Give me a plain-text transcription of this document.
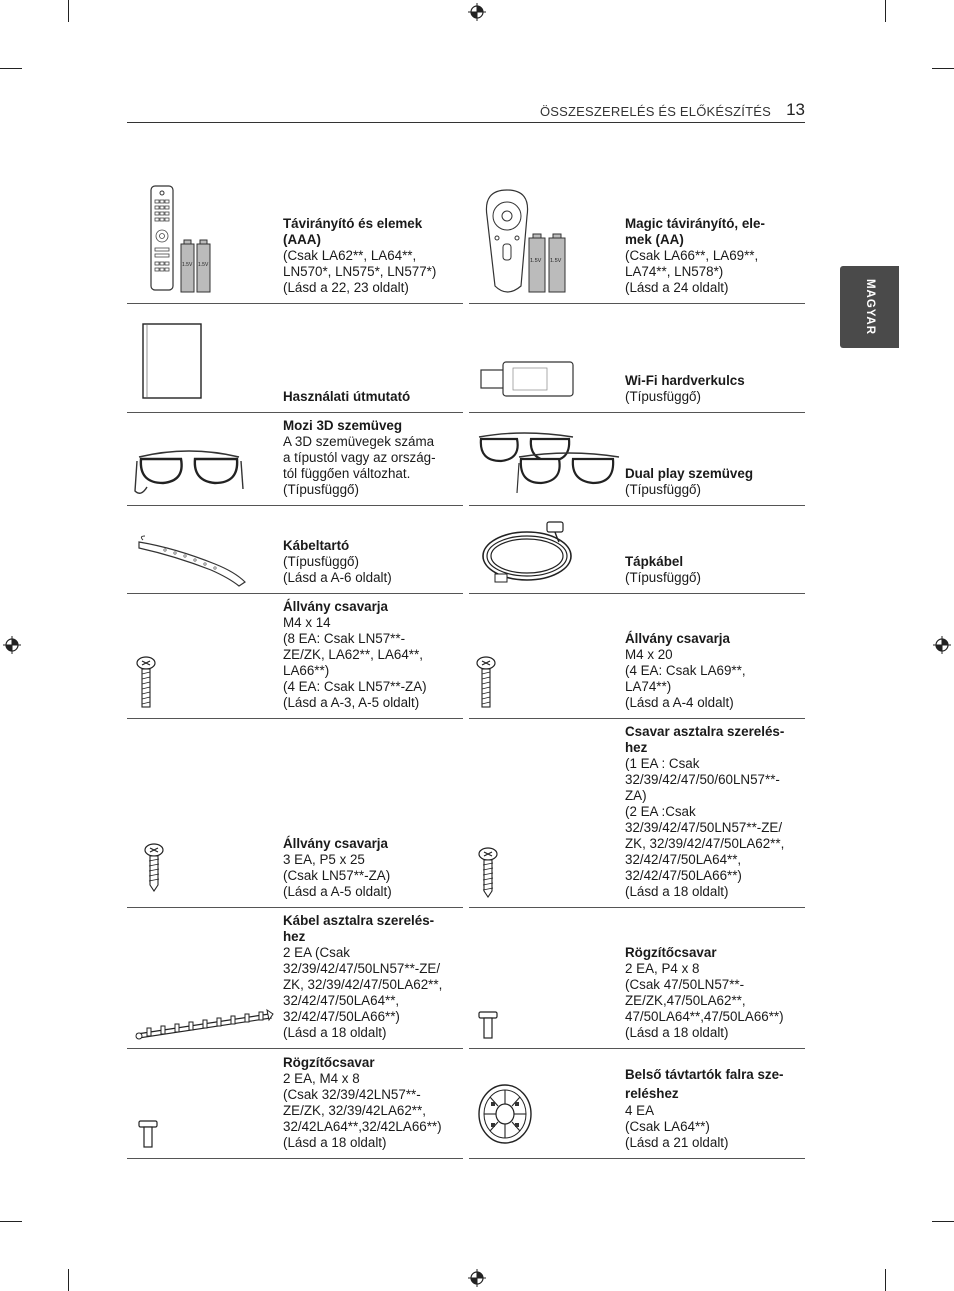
ÖSSZESZERELÉS ÉS ELŐKÉSZÍTÉS 13
MAGYAR
1.5V 1.5V
Távirányító és elemek
(AAA)
(Csak LA62**, LA64**,
LN570*, LN575*, LN577*)
(Lásd a 22, 23 oldalt)
1.5V 1.5V
Magic távirányító, ele-
mek (AA)
(Csak LA66**, LA69**,
LA74**, LN578*)
(Lásd a 24 oldalt)
Használati útmutató
Wi-Fi hardverkulcs
(Típusfüggő)
Mozi 3D szemüveg
A 3D szemüvegek száma
a típustól vagy az ország-
tól függően változhat.
(Típusfüggő)
Dual play szemüveg
(Típusfüggő)
Kábeltartó
(Típusfüggő)
(Lásd a A-6 oldalt)
Tápkábel
(Típusfüggő)
Állvány csavarja
M4 x 14
(8 EA: Csak LN57**-
ZE/ZK, LA62**, LA64**,
LA66**)
(4 EA: Csak LN57**-ZA)
(Lásd a A-3, A-5 oldalt)
Állvány csavarja
M4 x 20
(4 EA: Csak LA69**,
LA74**)
(Lásd a A-4 oldalt)
Állvány csavarja
3 EA, P5 x 25
(Csak LN57**-ZA)
(Lásd a A-5 oldalt)
Csavar asztalra szerelés-
hez
(1 EA : Csak
32/39/42/47/50/60LN57**-
ZA)
(2 EA :Csak
32/39/42/47/50LN57**-ZE/
ZK, 32/39/42/47/50LA62**,
32/42/47/50LA64**,
32/42/47/50LA66**)
(Lásd a 18 oldalt)
Kábel asztalra szerelés-
hez
2 EA (Csak
32/39/42/47/50LN57**-ZE/
ZK, 32/39/42/47/50LA62**,
32/42/47/50LA64**,
32/42/47/50LA66**)
(Lásd a 18 oldalt)
Rögzítőcsavar
2 EA, P4 x 8
(Csak 47/50LN57**-
ZE/ZK,47/50LA62**,
47/50LA64**,47/50LA66**)
(Lásd a 18 oldalt)
Rögzítőcsavar
2 EA, M4 x 8
(Csak 32/39/42LN57**-
ZE/ZK, 32/39/42LA62**,
32/42LA64**,32/42LA66**)
(Lásd a 18 oldalt)
Belső távtartók falra sze-
reléshez
4 EA
(Csak LA64**)
(Lásd a 21 oldalt)
